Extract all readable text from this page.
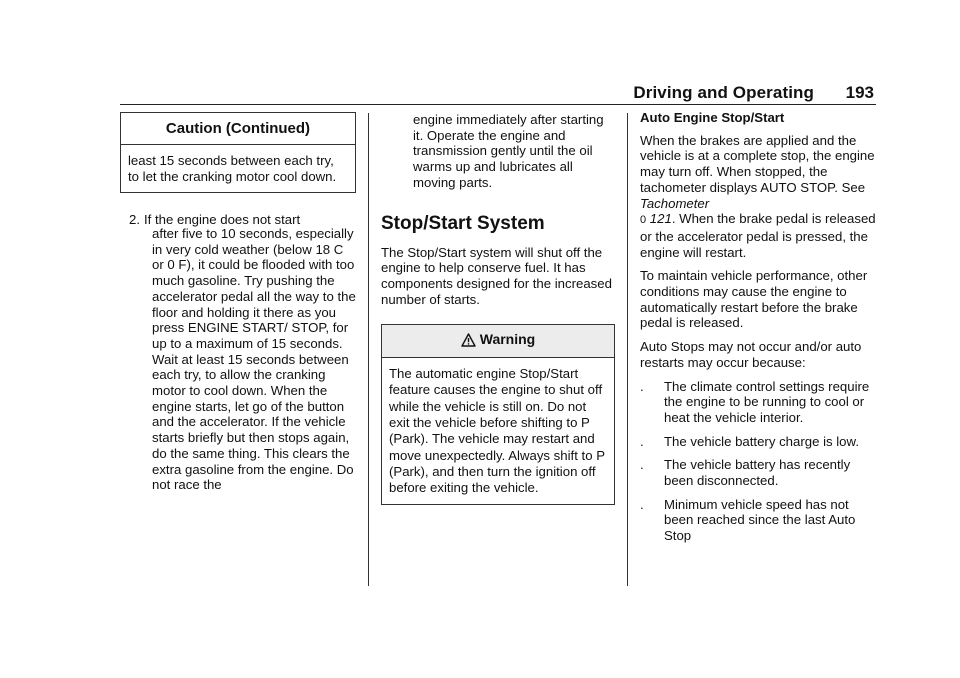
Driving and Operating 193
Caution (Continued)
least 15 seconds between each try, to let the cranking motor cool down.
2. If the engine does not start
after five to 10 seconds, especially in very cold weather (below 18 C or 0 F), it could be flooded with too much gasoline. Try pushing the accelerator pedal all the way to the floor and holding it there as you press ENGINE START/ STOP, for up to a maximum of 15 seconds. Wait at least 15 seconds between each try, to allow the cranking motor to cool down. When the engine starts, let go of the button and the accelerator. If the vehicle starts briefly but then stops again, do the same thing. This clears the extra gasoline from the engine. Do not race the
engine immediately after starting it. Operate the engine and transmission gently until the oil warms up and lubricates all moving parts.
Stop/Start System
The Stop/Start system will shut off the engine to help conserve fuel. It has components designed for the increased number of starts.
Warning
The automatic engine Stop/Start feature causes the engine to shut off while the vehicle is still on. Do not exit the vehicle before shifting to P (Park). The vehicle may restart and move unexpectedly. Always shift to P (Park), and then turn the ignition off before exiting the vehicle.
Auto Engine Stop/Start
When the brakes are applied and the vehicle is at a complete stop, the engine may turn off. When stopped, the tachometer displays AUTO STOP. See Tachometer
0 121. When the brake pedal is released or the accelerator pedal is pressed, the engine will restart.
To maintain vehicle performance, other conditions may cause the engine to automatically restart before the brake pedal is released.
Auto Stops may not occur and/or auto restarts may occur because:
. The climate control settings require the engine to be running to cool or heat the vehicle interior.
. The vehicle battery charge is low.
. The vehicle battery has recently been disconnected.
. Minimum vehicle speed has not been reached since the last Auto Stop
